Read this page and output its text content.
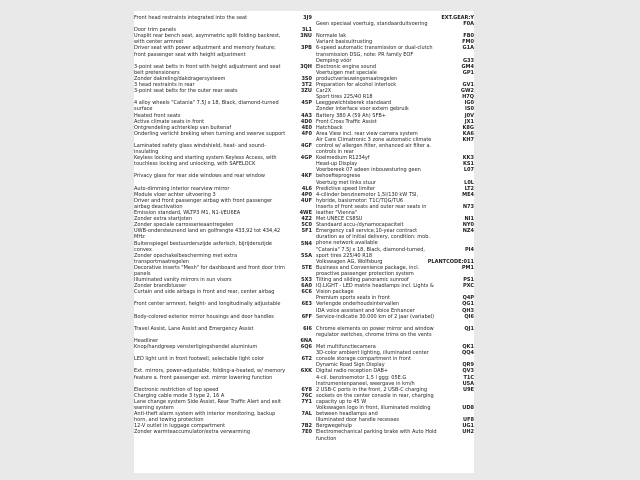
Front head restraints integrated into the seat
Door trim panels
Unsplit rear bench seat, asymmetric split folding backrest, with center armrest
Driver seat with power adjustment and memory feature; front passenger seat with height adjustment
3-point seat belts in front with height adjustment and seat belt pretensioners
Zonder dakreling/dakdragersysteem
3 head restraints in rear
3-point seat belts for the outer rear seats
4 alloy wheels "Catania" 7.5J x 18, Black, diamond-turned surface
Heated front seats
Active climate seats in front
Ontgrendeling achterklep van buitenaf
Onderling verlicht breking when turning and swerve support
Laminated safety glass windshield, heat- and sound-insulating
Keyless locking and starting system Keyless Access, with touchless locking and unlocking, with SAFELOCK
Privacy glass for rear side windows and rear window
Auto-dimming interior rearview mirror
Module vloer achter uitvoering 3
Driver and front passenger airbag with front passenger airbag deactivation
Emission standard, WLTP3 M1, N1-I/EU6EA
Zonder extra startjsten
Zonder speciale carrosserieaantregelen
UWB-ondersteunend land en golfrengte 433,92 tot 434,42 MHz
Buitenspiegel bestuurderszijde asferisch, bijrijderszijde convex
Zonder opschakelbescherming met extra transportmaatregelen
Decorative inserts "Mesh" for dashboard and front door trim panels
Illuminated vanity mirrors in sun visors
Zonder brandblusser
Curtain and side airbags in front and rear, center airbag
Front center armrest, height- and longitudinally adjustable
Body-colored exterior mirror housings and door handles
Travel Assist, Lane Assist and Emergency Assist
Headliner
Knop/handgreep vensterligingshendel aluminium
LED light unit in front footwell, selectable light color
Ext. mirrors, power-adjustable, folding-a-heated, w/ memory feature a. front passenger ext. mirror lowering function
Electronic restriction of top speed
Charging cable mode 3 type 2, 16 A
Lane change system Side Assist, Rear Traffic Alert and exit warning system
Anti-theft alarm system with interior monitoring, backup horn, and towing protection
12-V outlet in luggage compartment
Zonder warmteaccumulator/extra verwarming
3J9
3L1
3NU
3PB
3QH
3S0
3T2
3ZU
45P
4A3
4D0
4E0
4F0
4GF
4GP
4KF
4L6
4P0
4UF
4WE
4Z2
5C0
5F1
5N4
5SA
5TE
5X3
6A0
6C6
6E3
6FF
6I6
6NA
6Q6
6T2
6XK
6Y8
76C
7Y1
7AL
7B2
7E0
Geen speciaal voertuig, standaarduitvoering
Normale lak
Variant basisuitrusting
6-speed automatic transmission or dual-clutch transmission DSG, note: PR family EOF
Demping vóór
Electronic engine sound
Voertuigen met speciale productverieuwingsmaatregelen
Preparation for alcohol interlock
Car2X
Sport tires 225/40 R18
Leeggewichtsberek standaard
Zonder interface voor extern gebruik
Battery 380 A (59 Ah) SFB+
Front Cross Traffic Assist
Hatchback
Area View incl. rear view camera system
Air Care Climatronic 3 zone automatic climate control w/ allergen filter, enhanced air filter a. controls in rear
Koelmedium R1234yf
Head-up Display
Voerbereek 07 adeen inbouwsturing geen behoefteprogrese
Voertuig met links stuur
Predictive speed limiter
4-cilinder benzinemotor 1,5l/130 kW TSI, hybride, basismotor: T1C/TQG/TU6
Inserts of front seats and outer rear seats in leather "Vienna"
Met UNECE CS8SU
Standaard accu-/dynamocapaciteit
Emergency call service,10-year contract duration as of initial delivery, condition: mob. phone network available
"Catania" 7.5J x 18, Black, diamond-turned, sport tires 225/40 R18
Volkswagen AG, Wolfsburg
Business and Convenience package, incl. proactive passenger protection system
Tilting and sliding panoramic sunroof
IQ.LIGHT - LED matrix headlamps incl. Lights & Vision package
Premium sports seats in front
Verlengde onderhoudsintervallen
IDA voice assistant and Voice Enhancer
Service-indicatie 30.000 km of 2 jaar (variabel)
Chrome elements on power mirror and window regulator switches, chrome trims on the vents
Met multifunctiecamera
3D-color ambient lighting, illuminated center console storage compartment in front
Dynamic Road Sign Display
Digital radio reception DAB+
4-cil. benzinemotor 1,5 l ggg: 05E.G
Instrumentenpaneel, weergave in km/h
2 USB-C ports in the front, 2 USB-C charging sockets on the center console in rear, charging capacity up to 45 W
Volkswagen logo in front, illuminated molding between headlamps and
Illuminated door handle recesses
Bergwegehulp
Electromechanical parking brake with Auto Hold function
EXT.GEAR:Y
F0A
FB0
FM0
G1A
G33
GM4
GP1
GV1
GW2
H7Q
IG0
IS0
J0V
JX1
K8G
KA6
KH7
KK3
KS1
L07
L0L
LT2
ME4
N73
NI1
NY0
NZ4
PI4
PLANTCODE:011
PM1
PS1
PXC
Q4P
QG1
QH3
QI6
QJ1
QK1
QQ4
QR9
QV3
T1C
U5A
U9E
UD8
UF8
UG1
UH2
